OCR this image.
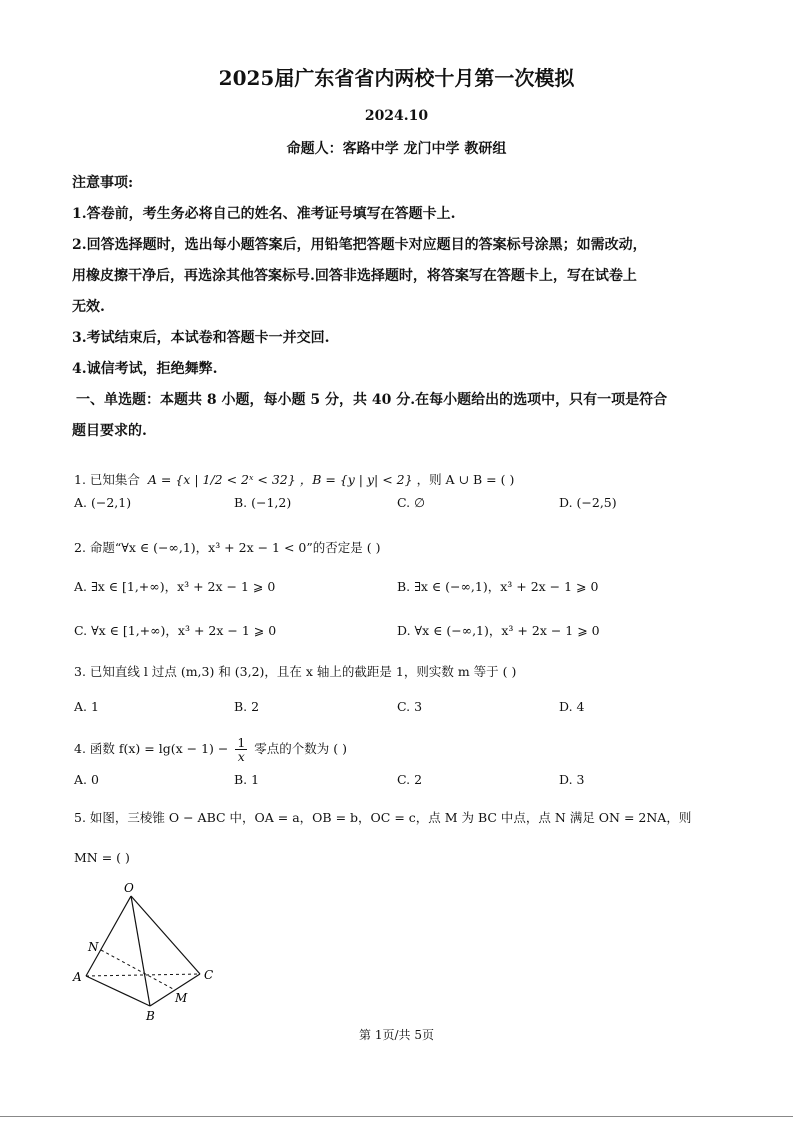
2025届广东省省内两校十月第一次模拟
2024.10
命题人：客路中学 龙门中学 教研组
注意事项:
1.答卷前，考生务必将自己的姓名、准考证号填写在答题卡上.
2.回答选择题时，选出每小题答案后，用铅笔把答题卡对应题目的答案标号涂黑；如需改动，
用橡皮擦干净后，再选涂其他答案标号.回答非选择题时，将答案写在答题卡上，写在试卷上
无效.
3.考试结束后，本试卷和答题卡一并交回.
4.诚信考试，拒绝舞弊.
一、单选题：本题共 8 小题，每小题 5 分，共 40 分.在每小题给出的选项中，只有一项是符合
题目要求的.
1. 已知集合 A = {x | 1/2 < 2ˣ < 32} ，B = {y | y| < 2} ，则 A ∪ B = ( )
A. (−2,1)	B. (−1,2)	C. ∅	D. (−2,5)
2. 命题“∀x ∈ (−∞,1)，x³ + 2x − 1 < 0”的否定是 ( )
A. ∃x ∈ [1,+∞)，x³ + 2x − 1 ⩾ 0	B. ∃x ∈ (−∞,1)，x³ + 2x − 1 ⩾ 0
C. ∀x ∈ [1,+∞)，x³ + 2x − 1 ⩾ 0	D. ∀x ∈ (−∞,1)，x³ + 2x − 1 ⩾ 0
3. 已知直线 l 过点 (m,3) 和 (3,2)，且在 x 轴上的截距是 1，则实数 m 等于 ( )
A. 1	B. 2	C. 3	D. 4
4. 函数 $f(x) = \lg(x - 1) - \frac{1}{x}$ 零点的个数为 ( )
A. 0	B. 1	C. 2	D. 3
5. 如图，三棱锥 O − ABC 中，OA = a，OB = b，OC = c，点 M 为 BC 中点，点 N 满足 ON = 2NA，则
MN = ( )
O
N
A	C
M
B
第 1页/共 5页
